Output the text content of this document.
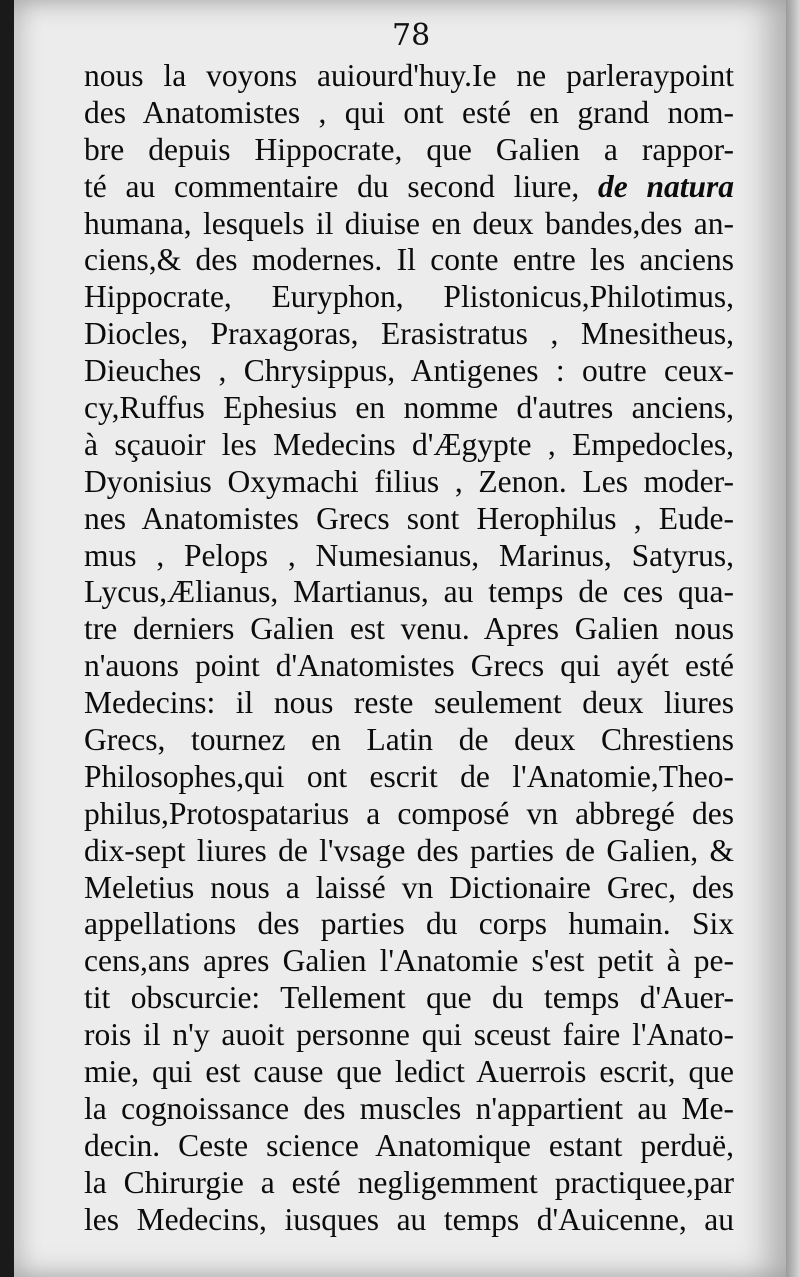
78
nous la voyons auiourd'huy.Ie ne parleraypoint
des Anatomistes , qui ont esté en grand nom-
bre depuis Hippocrate, que Galien a rappor-
té au commentaire du second liure, de natura
humana, lesquels il diuise en deux bandes,des an-
ciens,& des modernes. Il conte entre les anciens
Hippocrate, Euryphon, Plistonicus,Philotimus,
Diocles, Praxagoras, Erasistratus , Mnesitheus,
Dieuches , Chrysippus, Antigenes : outre ceux-
cy,Ruffus Ephesius en nomme d'autres anciens,
à sçauoir les Medecins d'Ægypte , Empedocles,
Dyonisius Oxymachi filius , Zenon. Les moder-
nes Anatomistes Grecs sont Herophilus , Eude-
mus , Pelops , Numesianus, Marinus, Satyrus,
Lycus,Ælianus, Martianus, au temps de ces qua-
tre derniers Galien est venu. Apres Galien nous
n'auons point d'Anatomistes Grecs qui ayét esté
Medecins: il nous reste seulement deux liures
Grecs, tournez en Latin de deux Chrestiens
Philosophes,qui ont escrit de l'Anatomie,Theo-
philus,Protospatarius a composé vn abbregé des
dix-sept liures de l'vsage des parties de Galien, &
Meletius nous a laissé vn Dictionaire Grec, des
appellations des parties du corps humain. Six
cens,ans apres Galien l'Anatomie s'est petit à pe-
tit obscurcie: Tellement que du temps d'Auer-
rois il n'y auoit personne qui sceust faire l'Anato-
mie, qui est cause que ledict Auerrois escrit, que
la cognoissance des muscles n'appartient au Me-
decin. Ceste science Anatomique estant perduë,
la Chirurgie a esté negligemment practiquee,par
les Medecins, iusques au temps d'Auicenne, au
